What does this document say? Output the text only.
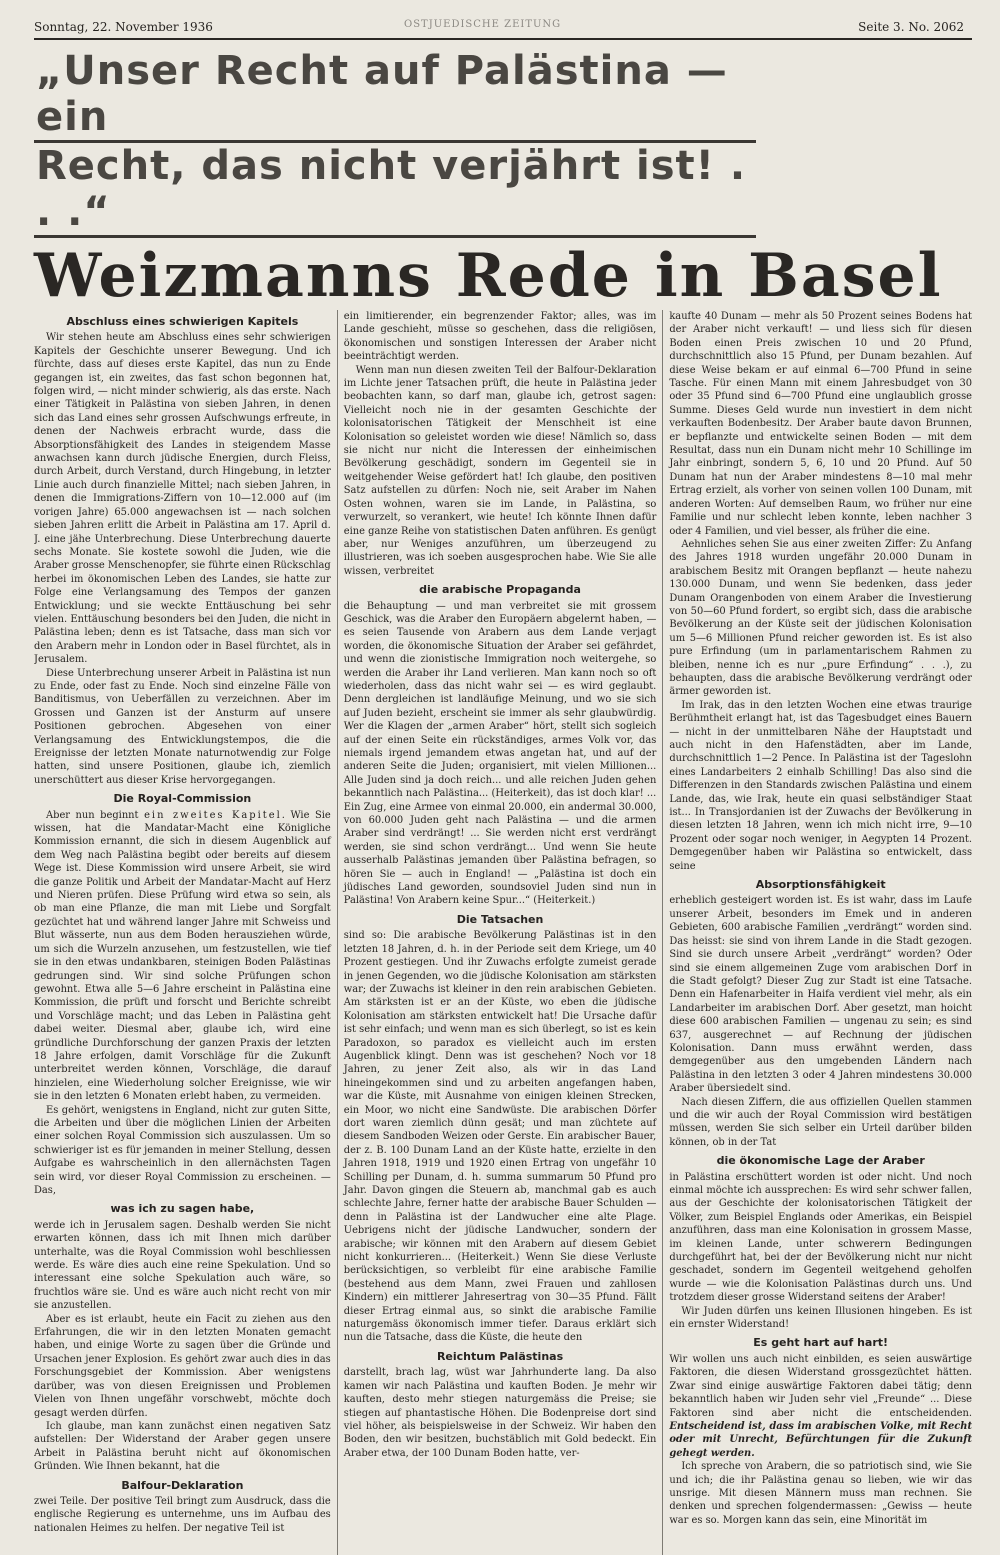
Sonntag, 22. November 1936	OSTJUEDISCHE ZEITUNG	Seite 3. No. 2062
„Unser Recht auf Palästina — ein
Recht, das nicht verjährt ist! . . .“
Weizmanns Rede in Basel
Abschluss eines schwierigen Kapitels

Wir stehen heute am Abschluss eines sehr schwierigen Kapitels der Geschichte unserer Bewegung. Und ich fürchte, dass auf dieses erste Kapitel, das nun zu Ende gegangen ist, ein zweites, das fast schon begonnen hat, folgen wird, — nicht minder schwierig, als das erste. Nach einer Tätigkeit in Palästina von sieben Jahren, in denen sich das Land eines sehr grossen Aufschwungs erfreute, in denen der Nachweis erbracht wurde, dass die Absorptionsfähigkeit des Landes in steigendem Masse anwachsen kann durch jüdische Energien, durch Fleiss, durch Arbeit, durch Verstand, durch Hingebung, in letzter Linie auch durch finanzielle Mittel; nach sieben Jahren, in denen die Immigrations-Ziffern von 10—12.000 auf (im vorigen Jahre) 65.000 angewachsen ist — nach solchen sieben Jahren erlitt die Arbeit in Palästina am 17. April d. J. eine jähe Unterbrechung. Diese Unterbrechung dauerte sechs Monate. Sie kostete sowohl die Juden, wie die Araber grosse Menschenopfer, sie führte einen Rückschlag herbei im ökonomischen Leben des Landes, sie hatte zur Folge eine Verlangsamung des Tempos der ganzen Entwicklung; und sie weckte Enttäuschung bei sehr vielen. Enttäuschung besonders bei den Juden, die nicht in Palästina leben; denn es ist Tatsache, dass man sich vor den Arabern mehr in London oder in Basel fürchtet, als in Jerusalem.

Diese Unterbrechung unserer Arbeit in Palästina ist nun zu Ende, oder fast zu Ende. Noch sind einzelne Fälle von Banditismus, von Ueberfällen zu verzeichnen. Aber im Grossen und Ganzen ist der Ansturm auf unsere Positionen gebrochen. Abgesehen von einer Verlangsamung des Entwicklungstempos, die die Ereignisse der letzten Monate naturnotwendig zur Folge hatten, sind unsere Positionen, glaube ich, ziemlich unerschüttert aus dieser Krise hervorgegangen.

Die Royal-Commission

Aber nun beginnt ein zweites Kapitel. Wie Sie wissen, hat die Mandatar-Macht eine Königliche Kommission ernannt, die sich in diesem Augenblick auf dem Weg nach Palästina begibt oder bereits auf diesem Wege ist. Diese Kommission wird unsere Arbeit, sie wird die ganze Politik und Arbeit der Mandatar-Macht auf Herz und Nieren prüfen. Diese Prüfung wird etwa so sein, als ob man eine Pflanze, die man mit Liebe und Sorgfalt gezüchtet hat und während langer Jahre mit Schweiss und Blut wässerte, nun aus dem Boden herausziehen würde, um sich die Wurzeln anzusehen, um festzustellen, wie tief sie in den etwas undankbaren, steinigen Boden Palästinas gedrungen sind. Wir sind solche Prüfungen schon gewohnt. Etwa alle 5—6 Jahre erscheint in Palästina eine Kommission, die prüft und forscht und Berichte schreibt und Vorschläge macht; und das Leben in Palästina geht dabei weiter. Diesmal aber, glaube ich, wird eine gründliche Durchforschung der ganzen Praxis der letzten 18 Jahre erfolgen, damit Vorschläge für die Zukunft unterbreitet werden können, Vorschläge, die darauf hinzielen, eine Wiederholung solcher Ereignisse, wie wir sie in den letzten 6 Monaten erlebt haben, zu vermeiden.

Es gehört, wenigstens in England, nicht zur guten Sitte, die Arbeiten und über die möglichen Linien der Arbeiten einer solchen Royal Commission sich auszulassen. Um so schwieriger ist es für jemanden in meiner Stellung, dessen Aufgabe es wahrscheinlich in den allernächsten Tagen sein wird, vor dieser Royal Commission zu erscheinen. —Das,

was ich zu sagen habe,

werde ich in Jerusalem sagen. Deshalb werden Sie nicht erwarten können, dass ich mit Ihnen mich darüber unterhalte, was die Royal Commission wohl beschliessen werde. Es wäre dies auch eine reine Spekulation. Und so interessant eine solche Spekulation auch wäre, so fruchtlos wäre sie. Und es wäre auch nicht recht von mir sie anzustellen.

Aber es ist erlaubt, heute ein Facit zu ziehen aus den Erfahrungen, die wir in den letzten Monaten gemacht haben, und einige Worte zu sagen über die Gründe und Ursachen jener Explosion. Es gehört zwar auch dies in das Forschungsgebiet der Kommission. Aber wenigstens darüber, was von diesen Ereignissen und Problemen Vielen von Ihnen ungefähr vorschwebt, möchte doch gesagt werden dürfen.

Ich glaube, man kann zunächst einen negativen Satz aufstellen: Der Widerstand der Araber gegen unsere Arbeit in Palästina beruht nicht auf ökonomischen Gründen. Wie Ihnen bekannt, hat die

Balfour-Deklaration

zwei Teile. Der positive Teil bringt zum Ausdruck, dass die englische Regierung es unternehme, uns im Aufbau des nationalen Heimes zu helfen. Der negative Teil ist

ein limitierender, ein begrenzender Faktor; alles, was im Lande geschieht, müsse so geschehen, dass die religiösen, ökonomischen und sonstigen Interessen der Araber nicht beeinträchtigt werden.

Wenn man nun diesen zweiten Teil der Balfour-Deklaration im Lichte jener Tatsachen prüft, die heute in Palästina jeder beobachten kann, so darf man, glaube ich, getrost sagen: Vielleicht noch nie in der gesamten Geschichte der kolonisatorischen Tätigkeit der Menschheit ist eine Kolonisation so geleistet worden wie diese! Nämlich so, dass sie nicht nur nicht die Interessen der einheimischen Bevölkerung geschädigt, sondern im Gegenteil sie in weitgehender Weise gefördert hat! Ich glaube, den positiven Satz aufstellen zu dürfen: Noch nie, seit Araber im Nahen Osten wohnen, waren sie im Lande, in Palästina, so verwurzelt, so verankert, wie heute! Ich könnte Ihnen dafür eine ganze Reihe von statistischen Daten anführen. Es genügt aber, nur Weniges anzuführen, um überzeugend zu illustrieren, was ich soeben ausgesprochen habe. Wie Sie alle wissen, verbreitet

die arabische Propaganda

die Behauptung — und man verbreitet sie mit grossem Geschick, was die Araber den Europäern abgelernt haben, — es seien Tausende von Arabern aus dem Lande verjagt worden, die ökonomische Situation der Araber sei gefährdet, und wenn die zionistische Immigration noch weitergehe, so werden die Araber ihr Land verlieren. Man kann noch so oft wiederholen, dass das nicht wahr sei — es wird geglaubt. Denn dergleichen ist landläufige Meinung, und wo sie sich auf Juden bezieht, erscheint sie immer als sehr glaubwürdig. Wer die Klagen der „armen Araber“ hört, stellt sich sogleich auf der einen Seite ein rückständiges, armes Volk vor, das niemals irgend jemandem etwas angetan hat, und auf der anderen Seite die Juden; organisiert, mit vielen Millionen... Alle Juden sind ja doch reich... und alle reichen Juden gehen bekanntlich nach Palästina... (Heiterkeit), das ist doch klar! ... Ein Zug, eine Armee von einmal 20.000, ein andermal 30.000, von 60.000 Juden geht nach Palästina — und die armen Araber sind verdrängt! ... Sie werden nicht erst verdrängt werden, sie sind schon verdrängt... Und wenn Sie heute ausserhalb Palästinas jemanden über Palästina befragen, so hören Sie — auch in England! — „Palästina ist doch ein jüdisches Land geworden, soundsoviel Juden sind nun in Palästina! Von Arabern keine Spur...“ (Heiterkeit.)

Die Tatsachen

sind so: Die arabische Bevölkerung Palästinas ist in den letzten 18 Jahren, d. h. in der Periode seit dem Kriege, um 40 Prozent gestiegen. Und ihr Zuwachs erfolgte zumeist gerade in jenen Gegenden, wo die jüdische Kolonisation am stärksten war; der Zuwachs ist kleiner in den rein arabischen Gebieten. Am stärksten ist er an der Küste, wo eben die jüdische Kolonisation am stärksten entwickelt hat! Die Ursache dafür ist sehr einfach; und wenn man es sich überlegt, so ist es kein Paradoxon, so paradox es vielleicht auch im ersten Augenblick klingt. Denn was ist geschehen? Noch vor 18 Jahren, zu jener Zeit also, als wir in das Land hineingekommen sind und zu arbeiten angefangen haben, war die Küste, mit Ausnahme von einigen kleinen Strecken, ein Moor, wo nicht eine Sandwüste. Die arabischen Dörfer dort waren ziemlich dünn gesät; und man züchtete auf diesem Sandboden Weizen oder Gerste. Ein arabischer Bauer, der z. B. 100 Dunam Land an der Küste hatte, erzielte in den Jahren 1918, 1919 und 1920 einen Ertrag von ungefähr 10 Schilling per Dunam, d. h. summa summarum 50 Pfund pro Jahr. Davon gingen die Steuern ab, manchmal gab es auch schlechte Jahre, ferner hatte der arabische Bauer Schulden — denn in Palästina ist der Landwucher eine alte Plage. Uebrigens nicht der jüdische Landwucher, sondern der arabische; wir können mit den Arabern auf diesem Gebiet nicht konkurrieren... (Heiterkeit.) Wenn Sie diese Verluste berücksichtigen, so verbleibt für eine arabische Familie (bestehend aus dem Mann, zwei Frauen und zahllosen Kindern) ein mittlerer Jahresertrag von 30—35 Pfund. Fällt dieser Ertrag einmal aus, so sinkt die arabische Familie naturgemäss ökonomisch immer tiefer. Daraus erklärt sich nun die Tatsache, dass die Küste, die heute den

Reichtum Palästinas

darstellt, brach lag, wüst war Jahrhunderte lang. Da also kamen wir nach Palästina und kauften Boden. Je mehr wir kauften, desto mehr stiegen naturgemäss die Preise; sie stiegen auf phantastische Höhen. Die Bodenpreise dort sind viel höher, als beispielsweise in der Schweiz. Wir haben den Boden, den wir besitzen, buchstäblich mit Gold bedeckt. Ein Araber etwa, der 100 Dunam Boden hatte, ver-

kaufte 40 Dunam — mehr als 50 Prozent seines Bodens hat der Araber nicht verkauft! — und liess sich für diesen Boden einen Preis zwischen 10 und 20 Pfund, durchschnittlich also 15 Pfund, per Dunam bezahlen. Auf diese Weise bekam er auf einmal 6—700 Pfund in seine Tasche. Für einen Mann mit einem Jahresbudget von 30 oder 35 Pfund sind 6—700 Pfund eine unglaublich grosse Summe. Dieses Geld wurde nun investiert in dem nicht verkauften Bodenbesitz. Der Araber baute davon Brunnen, er bepflanzte und entwickelte seinen Boden — mit dem Resultat, dass nun ein Dunam nicht mehr 10 Schillinge im Jahr einbringt, sondern 5, 6, 10 und 20 Pfund. Auf 50 Dunam hat nun der Araber mindestens 8—10 mal mehr Ertrag erzielt, als vorher von seinen vollen 100 Dunam, mit anderen Worten: Auf demselben Raum, wo früher nur eine Familie und nur schlecht leben konnte, leben nachher 3 oder 4 Familien, und viel besser, als früher die eine.

Aehnliches sehen Sie aus einer zweiten Ziffer: Zu Anfang des Jahres 1918 wurden ungefähr 20.000 Dunam in arabischem Besitz mit Orangen bepflanzt — heute nahezu 130.000 Dunam, und wenn Sie bedenken, dass jeder Dunam Orangenboden von einem Araber die Investierung von 50—60 Pfund fordert, so ergibt sich, dass die arabische Bevölkerung an der Küste seit der jüdischen Kolonisation um 5—6 Millionen Pfund reicher geworden ist. Es ist also pure Erfindung (um in parlamentarischem Rahmen zu bleiben, nenne ich es nur „pure Erfindung“ . . .), zu behaupten, dass die arabische Bevölkerung verdrängt oder ärmer geworden ist.

Im Irak, das in den letzten Wochen eine etwas traurige Berühmtheit erlangt hat, ist das Tagesbudget eines Bauern — nicht in der unmittelbaren Nähe der Hauptstadt und auch nicht in den Hafenstädten, aber im Lande, durchschnittlich 1—2 Pence. In Palästina ist der Tageslohn eines Landarbeiters 2 einhalb Schilling! Das also sind die Differenzen in den Standards zwischen Palästina und einem Lande, das, wie Irak, heute ein quasi selbständiger Staat ist... In Transjordanien ist der Zuwachs der Bevölkerung in diesen letzten 18 Jahren, wenn ich mich nicht irre, 9—10 Prozent oder sogar noch weniger, in Aegypten 14 Prozent. Demgegenüber haben wir Palästina so entwickelt, dass seine

Absorptionsfähigkeit

erheblich gesteigert worden ist. Es ist wahr, dass im Laufe unserer Arbeit, besonders im Emek und in anderen Gebieten, 600 arabische Familien „verdrängt“ worden sind. Das heisst: sie sind von ihrem Lande in die Stadt gezogen. Sind sie durch unsere Arbeit „verdrängt“ worden? Oder sind sie einem allgemeinen Zuge vom arabischen Dorf in die Stadt gefolgt? Dieser Zug zur Stadt ist eine Tatsache. Denn ein Hafenarbeiter in Haifa verdient viel mehr, als ein Landarbeiter im arabischen Dorf. Aber gesetzt, man hoicht diese 600 arabischen Familien — ungenau zu sein; es sind 637, ausgerechnet — auf Rechnung der jüdischen Kolonisation. Dann muss erwähnt werden, dass demgegenüber aus den umgebenden Ländern nach Palästina in den letzten 3 oder 4 Jahren mindestens 30.000 Araber übersiedelt sind.

Nach diesen Ziffern, die aus offiziellen Quellen stammen und die wir auch der Royal Commission wird bestätigen müssen, werden Sie sich selber ein Urteil darüber bilden können, ob in der Tat

die ökonomische Lage der Araber

in Palästina erschüttert worden ist oder nicht. Und noch einmal möchte ich aussprechen: Es wird sehr schwer fallen, aus der Geschichte der kolonisatorischen Tätigkeit der Völker, zum Beispiel Englands oder Amerikas, ein Beispiel anzuführen, dass man eine Kolonisation in grossem Masse, im kleinen Lande, unter schwerern Bedingungen durchgeführt hat, bei der der Bevölkerung nicht nur nicht geschadet, sondern im Gegenteil weitgehend geholfen wurde — wie die Kolonisation Palästinas durch uns. Und trotzdem dieser grosse Widerstand seitens der Araber!

Wir Juden dürfen uns keinen Illusionen hingeben. Es ist ein ernster Widerstand!

Es geht hart auf hart!

Wir wollen uns auch nicht einbilden, es seien auswärtige Faktoren, die diesen Widerstand grossgezüchtet hätten. Zwar sind einige auswärtige Faktoren dabei tätig; denn bekanntlich haben wir Juden sehr viel „Freunde“ ... Diese Faktoren sind aber nicht die entscheidenden. Entscheidend ist, dass im arabischen Volke, mit Recht oder mit Unrecht, Befürchtungen für die Zukunft gehegt werden.

Ich spreche von Arabern, die so patriotisch sind, wie Sie und ich; die ihr Palästina genau so lieben, wie wir das unsrige. Mit diesen Männern muss man rechnen. Sie denken und sprechen folgendermassen: „Gewiss — heute war es so. Morgen kann das sein, eine Minorität im
